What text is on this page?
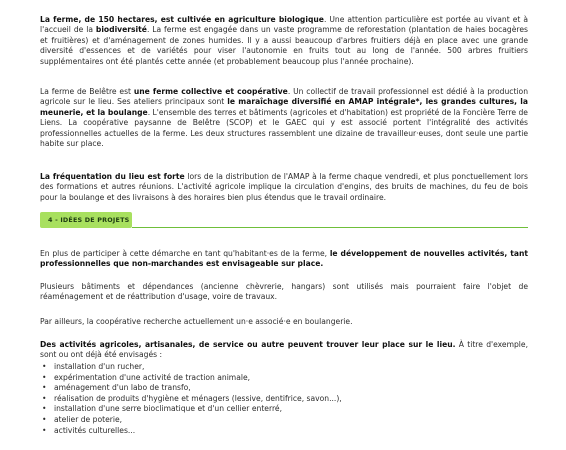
La ferme, de 150 hectares, est cultivée en agriculture biologique. Une attention particulière est portée au vivant et à l'accueil de la biodiversité. La ferme est engagée dans un vaste programme de reforestation (plantation de haies bocagères et fruitières) et d'aménagement de zones humides. Il y a aussi beaucoup d'arbres fruitiers déjà en place avec une grande diversité d'essences et de variétés pour viser l'autonomie en fruits tout au long de l'année. 500 arbres fruitiers supplémentaires ont été plantés cette année (et probablement beaucoup plus l'année prochaine).

La ferme de Belêtre est une ferme collective et coopérative. Un collectif de travail professionnel est dédié à la production agricole sur le lieu. Ses ateliers principaux sont le maraîchage diversifié en AMAP intégrale*, les grandes cultures, la meunerie, et la boulange. L'ensemble des terres et bâtiments (agricoles et d'habitation) est propriété de la Foncière Terre de Liens. La coopérative paysanne de Belêtre (SCOP) et le GAEC qui y est associé portent l'intégralité des activités professionnelles actuelles de la ferme. Les deux structures rassemblent une dizaine de travailleur·euses, dont seule une partie habite sur place.

La fréquentation du lieu est forte lors de la distribution de l'AMAP à la ferme chaque vendredi, et plus ponctuellement lors des formations et autres réunions. L'activité agricole implique la circulation d'engins, des bruits de machines, du feu de bois pour la boulange et des livraisons à des horaires bien plus étendus que le travail ordinaire.

4 - IDÉES DE PROJETS

En plus de participer à cette démarche en tant qu'habitant·es de la ferme, le développement de nouvelles activités, tant professionnelles que non-marchandes est envisageable sur place.

Plusieurs bâtiments et dépendances (ancienne chèvrerie, hangars) sont utilisés mais pourraient faire l'objet de réaménagement et de réattribution d'usage, voire de travaux.

Par ailleurs, la coopérative recherche actuellement un·e associé·e en boulangerie.

Des activités agricoles, artisanales, de service ou autre peuvent trouver leur place sur le lieu. À titre d'exemple, sont ou ont déjà été envisagés :

• installation d'un rucher,
• expérimentation d'une activité de traction animale,
• aménagement d'un labo de transfo,
• réalisation de produits d'hygiène et ménagers (lessive, dentifrice, savon...),
• installation d'une serre bioclimatique et d'un cellier enterré,
• atelier de poterie,
• activités culturelles...
